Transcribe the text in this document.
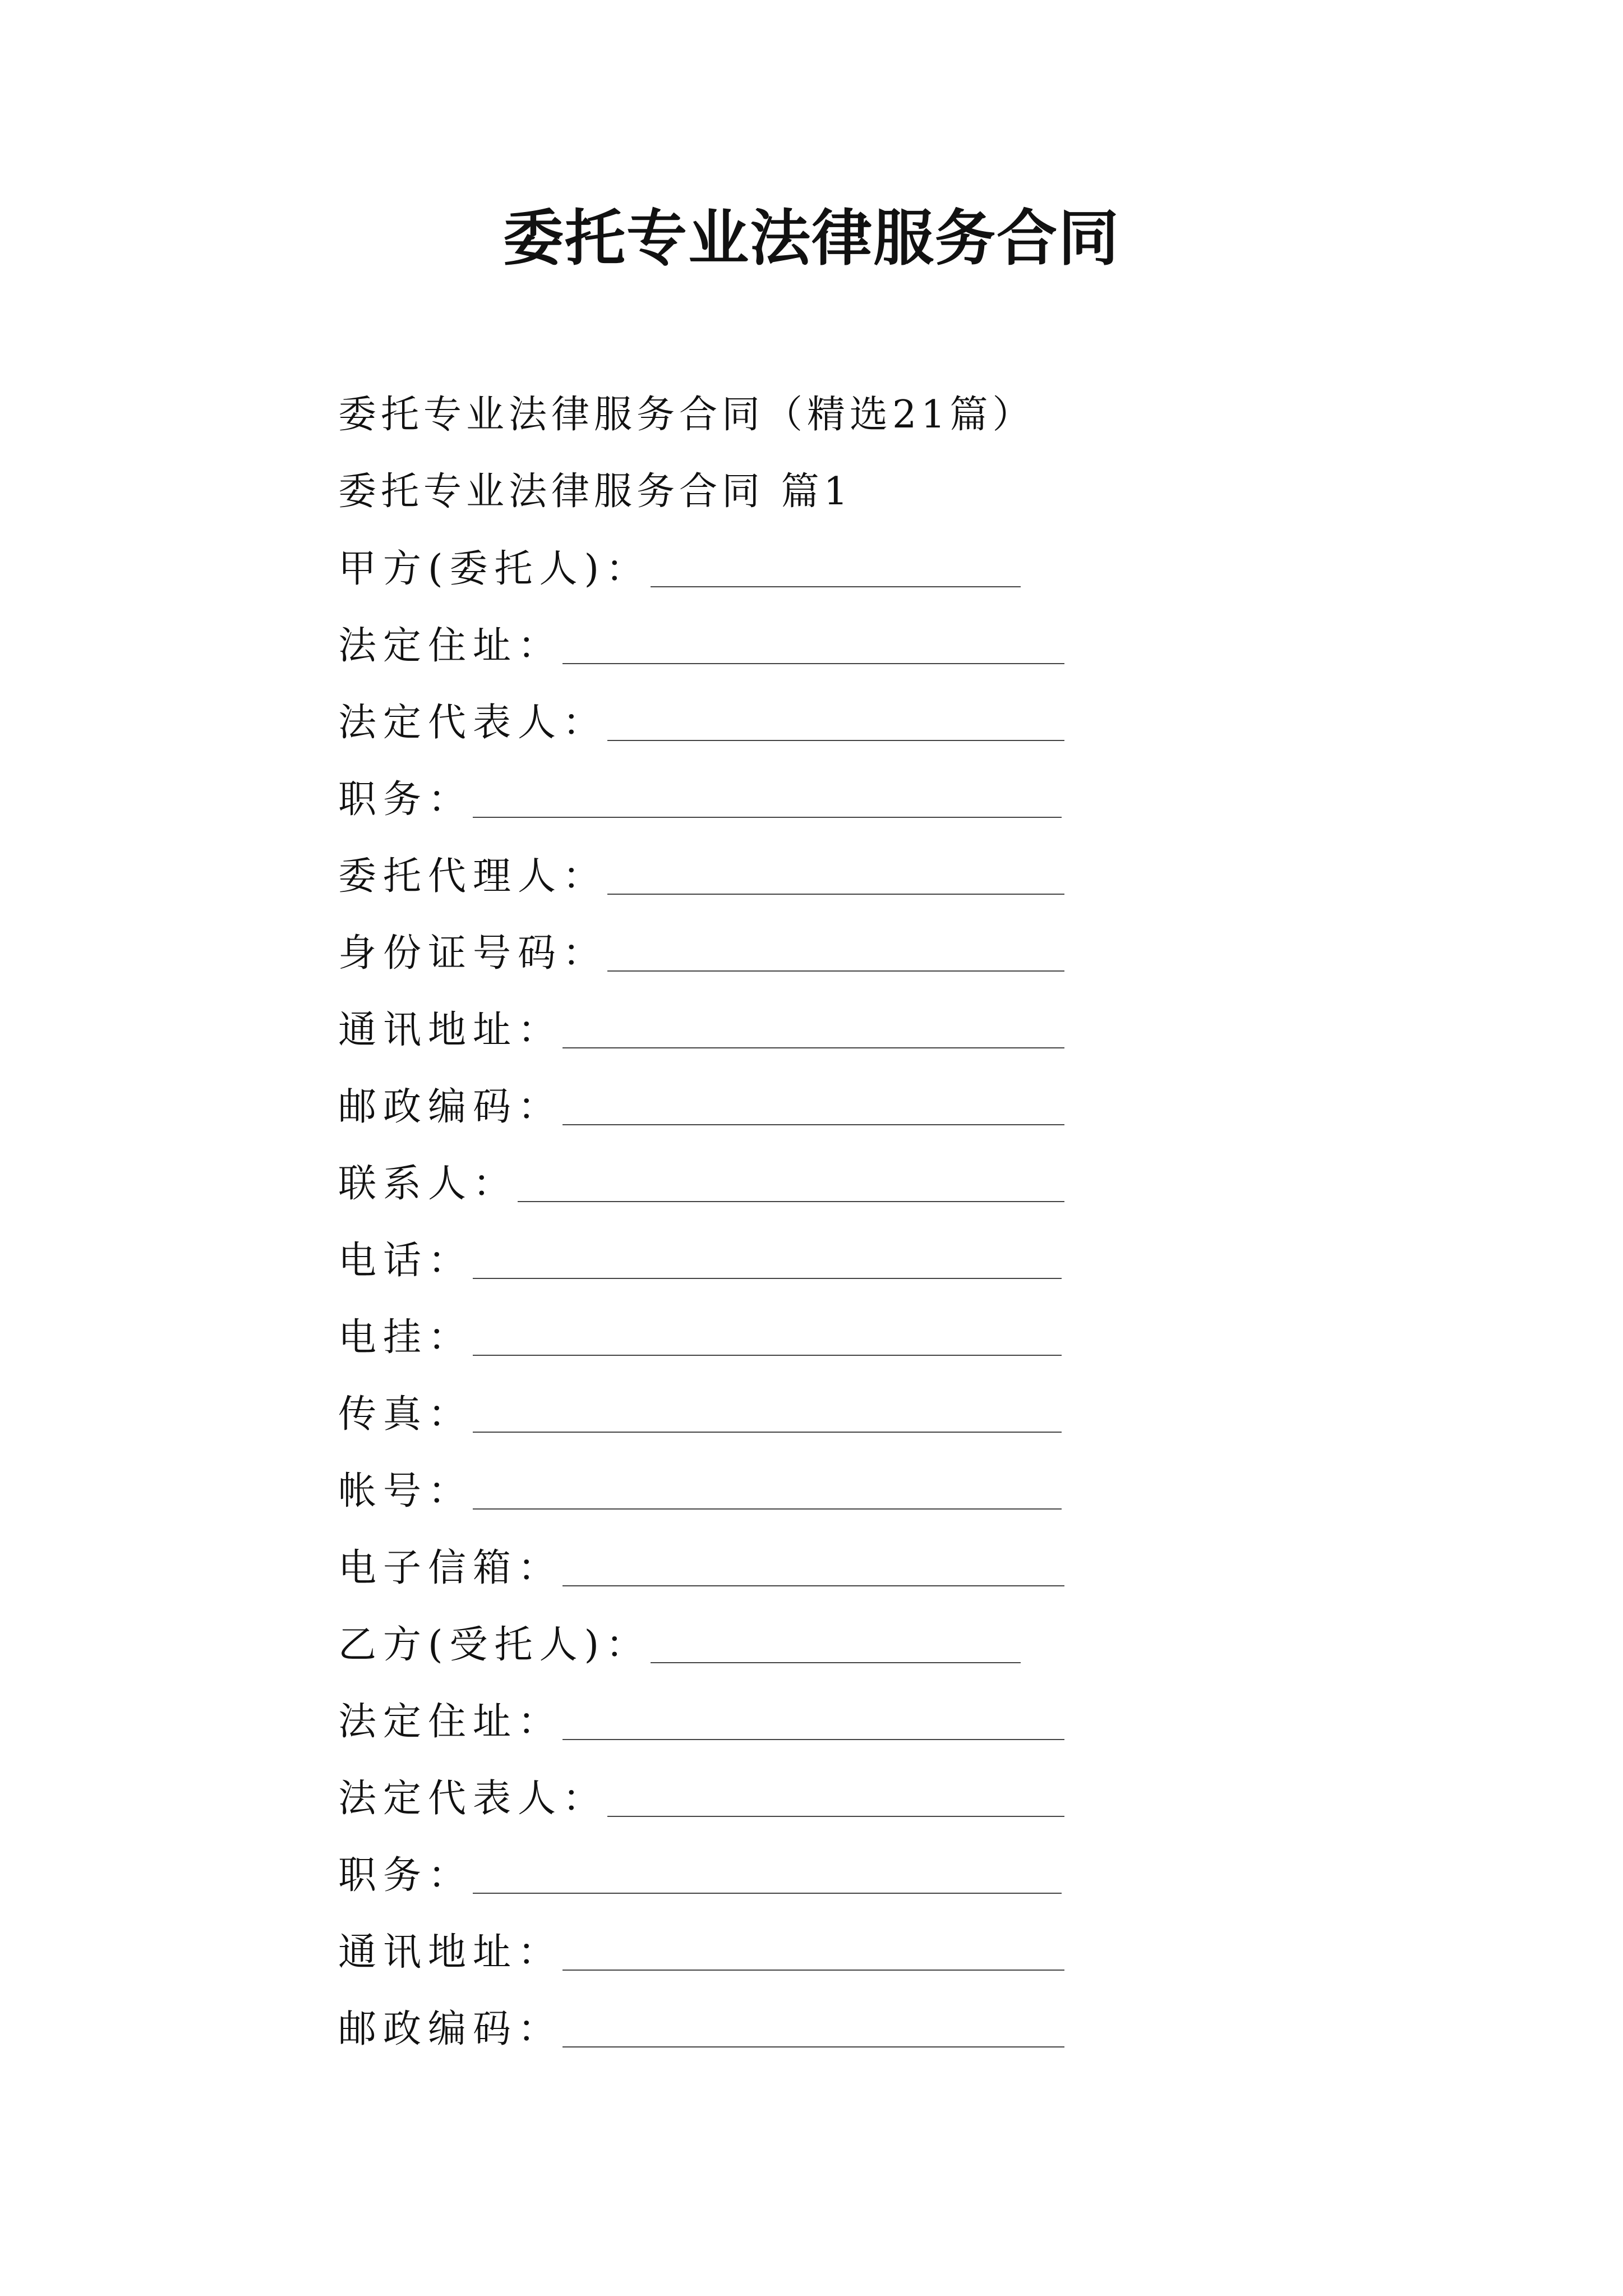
委托专业法律服务合同
委托专业法律服务合同（精选21篇）
委托专业法律服务合同 篇1
甲方(委托人)：
法定住址：
法定代表人：
职务：
委托代理人：
身份证号码：
通讯地址：
邮政编码：
联系人：
电话：
电挂：
传真：
帐号：
电子信箱：
乙方(受托人)：
法定住址：
法定代表人：
职务：
通讯地址：
邮政编码：
